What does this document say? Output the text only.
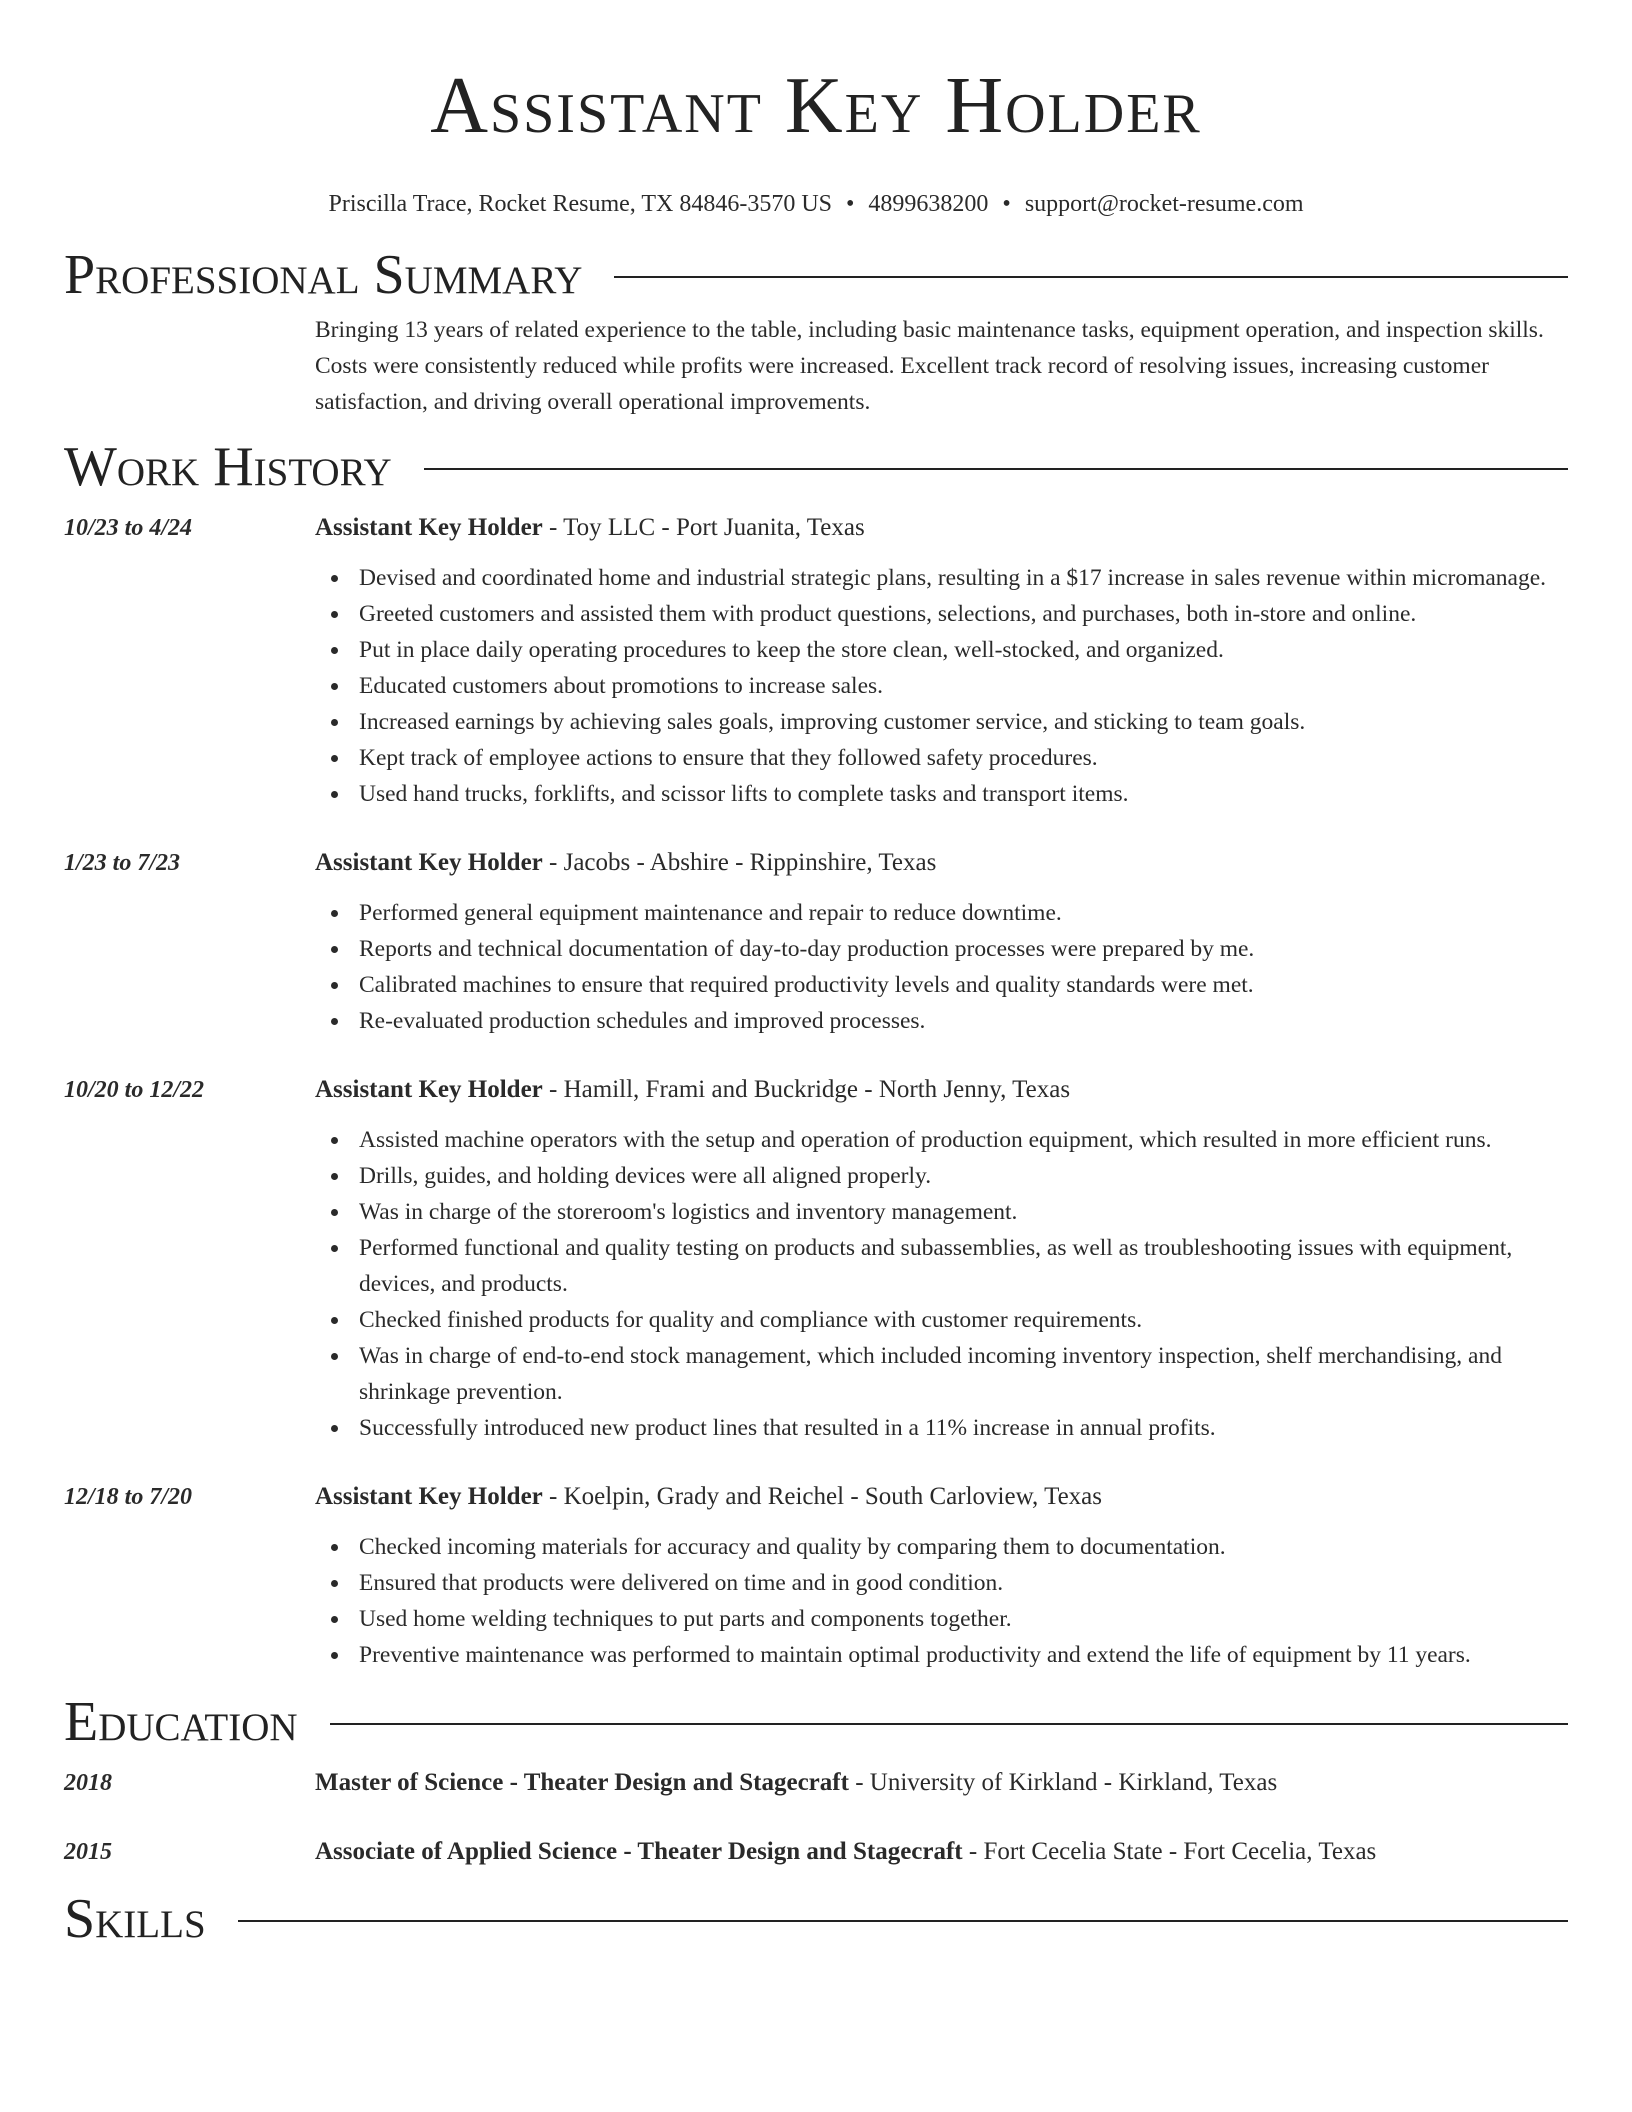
Assistant Key Holder
Priscilla Trace, Rocket Resume, TX 84846-3570 US • 4899638200 • support@rocket-resume.com
Professional Summary

Bringing 13 years of related experience to the table, including basic maintenance tasks, equipment operation, and inspection skills. Costs were consistently reduced while profits were increased. Excellent track record of resolving issues, increasing customer satisfaction, and driving overall operational improvements.

Work History
10/23 to 4/24	Assistant Key Holder - Toy LLC - Port Juanita, Texas
Devised and coordinated home and industrial strategic plans, resulting in a $17 increase in sales revenue within micromanage.
Greeted customers and assisted them with product questions, selections, and purchases, both in-store and online.
Put in place daily operating procedures to keep the store clean, well-stocked, and organized.
Educated customers about promotions to increase sales.
Increased earnings by achieving sales goals, improving customer service, and sticking to team goals.
Kept track of employee actions to ensure that they followed safety procedures.
Used hand trucks, forklifts, and scissor lifts to complete tasks and transport items.
1/23 to 7/23	Assistant Key Holder - Jacobs - Abshire - Rippinshire, Texas
Performed general equipment maintenance and repair to reduce downtime.
Reports and technical documentation of day-to-day production processes were prepared by me.
Calibrated machines to ensure that required productivity levels and quality standards were met.
Re-evaluated production schedules and improved processes.
10/20 to 12/22	Assistant Key Holder - Hamill, Frami and Buckridge - North Jenny, Texas
Assisted machine operators with the setup and operation of production equipment, which resulted in more efficient runs.
Drills, guides, and holding devices were all aligned properly.
Was in charge of the storeroom's logistics and inventory management.
Performed functional and quality testing on products and subassemblies, as well as troubleshooting issues with equipment, devices, and products.
Checked finished products for quality and compliance with customer requirements.
Was in charge of end-to-end stock management, which included incoming inventory inspection, shelf merchandising, and shrinkage prevention.
Successfully introduced new product lines that resulted in a 11% increase in annual profits.
12/18 to 7/20	Assistant Key Holder - Koelpin, Grady and Reichel - South Carloview, Texas
Checked incoming materials for accuracy and quality by comparing them to documentation.
Ensured that products were delivered on time and in good condition.
Used home welding techniques to put parts and components together.
Preventive maintenance was performed to maintain optimal productivity and extend the life of equipment by 11 years.
Education
2018	Master of Science - Theater Design and Stagecraft - University of Kirkland - Kirkland, Texas
2015	Associate of Applied Science - Theater Design and Stagecraft - Fort Cecelia State - Fort Cecelia, Texas
Skills
